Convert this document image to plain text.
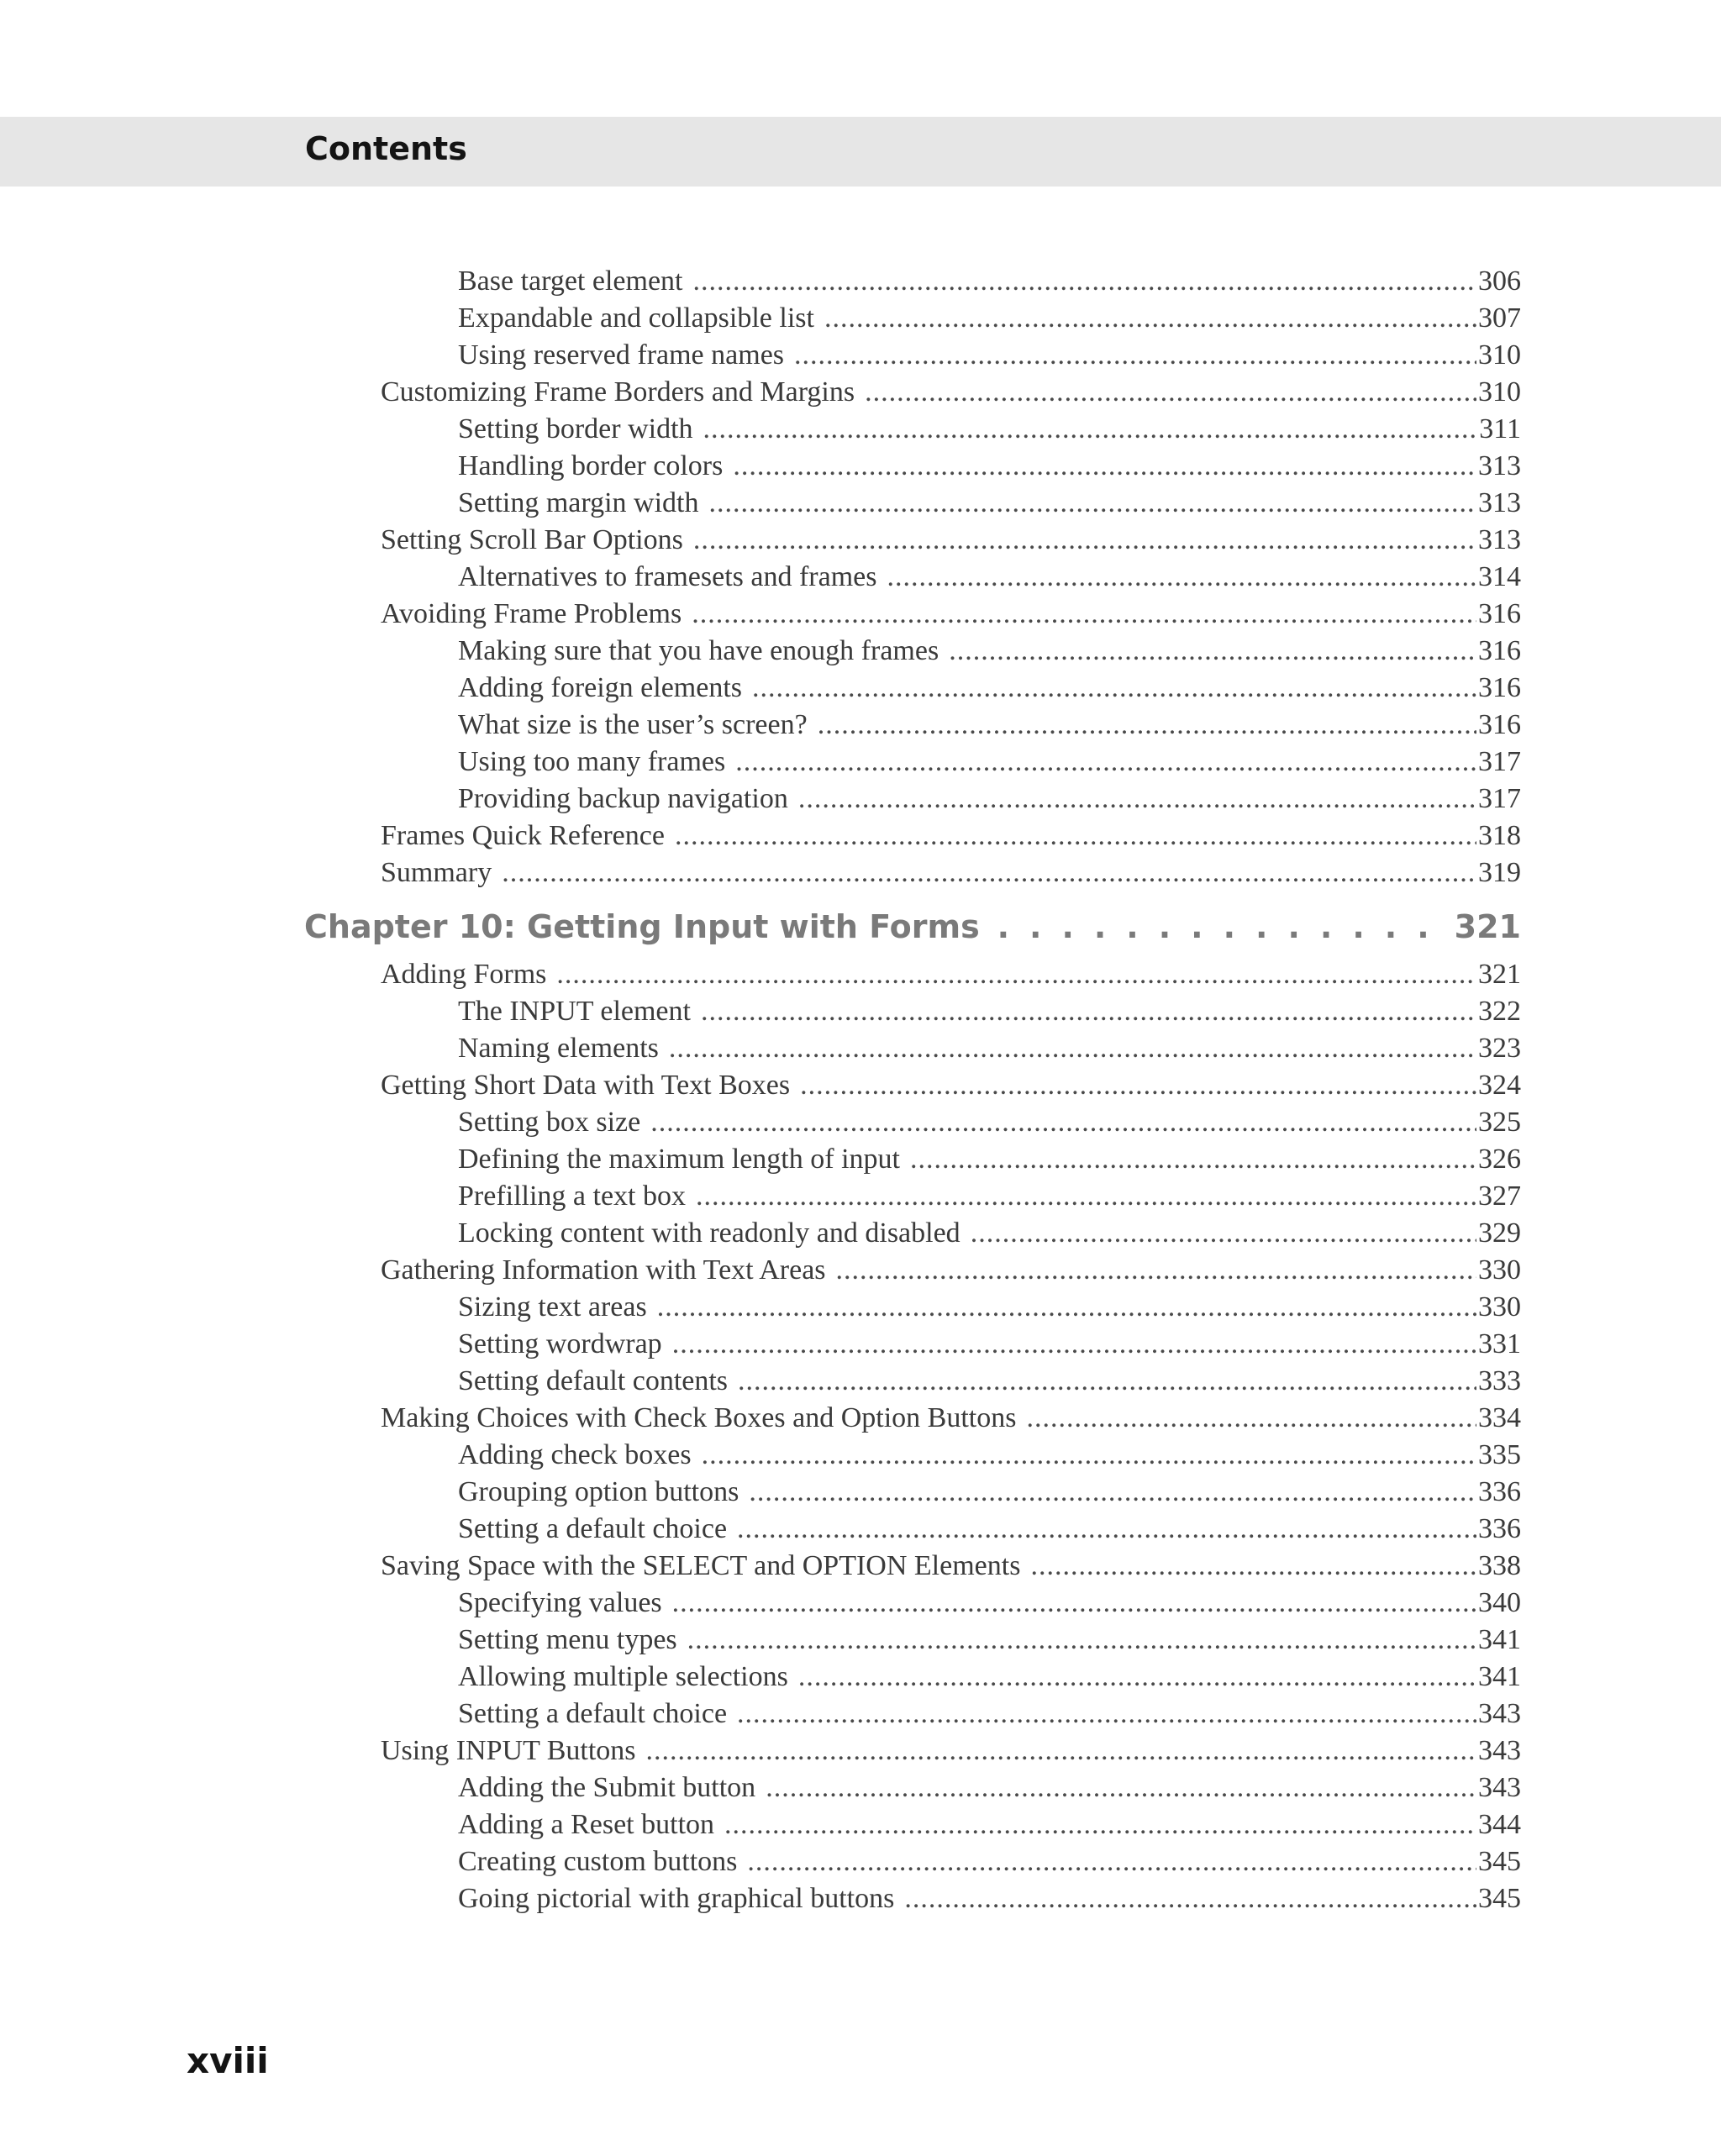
Contents
Base target element .....	306
Expandable and collapsible list .....	307
Using reserved frame names .....	310
Customizing Frame Borders and Margins .....	310
Setting border width .....	311
Handling border colors .....	313
Setting margin width .....	313
Setting Scroll Bar Options .....	313
Alternatives to framesets and frames .....	314
Avoiding Frame Problems .....	316
Making sure that you have enough frames .....	316
Adding foreign elements .....	316
What size is the user’s screen? .....	316
Using too many frames .....	317
Providing backup navigation .....	317
Frames Quick Reference .....	318
Summary .....	319
Adding Forms .....	321
The INPUT element .....	322
Naming elements .....	323
Getting Short Data with Text Boxes .....	324
Setting box size .....	325
Defining the maximum length of input .....	326
Prefilling a text box .....	327
Locking content with readonly and disabled .....	329
Gathering Information with Text Areas .....	330
Sizing text areas .....	330
Setting wordwrap .....	331
Setting default contents .....	333
Making Choices with Check Boxes and Option Buttons .....	334
Adding check boxes .....	335
Grouping option buttons .....	336
Setting a default choice .....	336
Saving Space with the SELECT and OPTION Elements .....	338
Specifying values .....	340
Setting menu types .....	341
Allowing multiple selections .....	341
Setting a default choice .....	343
Using INPUT Buttons .....	343
Adding the Submit button .....	343
Adding a Reset button .....	344
Creating custom buttons .....	345
Going pictorial with graphical buttons .....	345
Chapter 10: Getting Input with Forms .....	321
xviii
